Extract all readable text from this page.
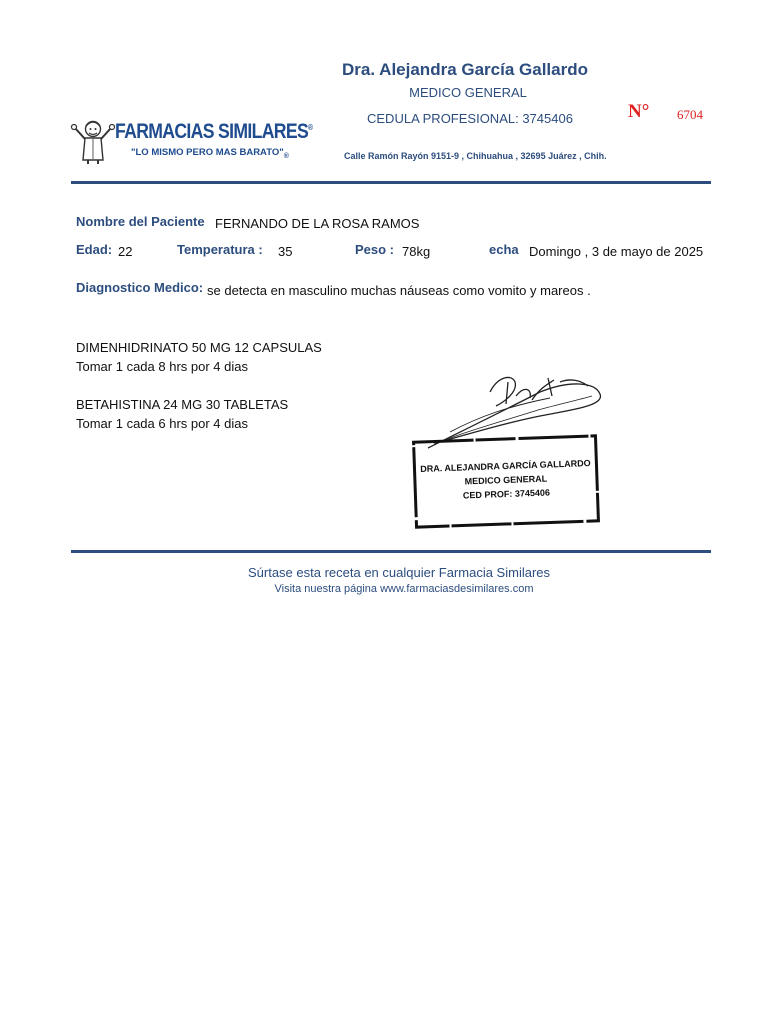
Dra. Alejandra García Gallardo
MEDICO GENERAL
CEDULA PROFESIONAL: 3745406
Calle Ramón Rayón 9151-9 , Chihuahua , 32695 Juárez , Chih.
N° 6704
FARMACIAS SIMILARES®
"LO MISMO PERO MAS $BARATO"_®$
Nombre del Paciente FERNANDO DE LA ROSA RAMOS
Edad: 22	Temperatura : 35	Peso : 78kg	echa Domingo , 3 de mayo de 2025
Diagnostico Medico: se detecta en masculino muchas náuseas como vomito y mareos .
DIMENHIDRINATO 50 MG 12 CAPSULAS
Tomar 1 cada 8 hrs por 4 dias
BETAHISTINA 24 MG 30 TABLETAS
Tomar 1 cada 6 hrs por 4 dias
DRA. ALEJANDRA GARCÍA GALLARDO
MEDICO GENERAL
CED PROF: 3745406
Súrtase esta receta en cualquier Farmacia Similares
Visita nuestra página www.farmaciasdesimilares.com
